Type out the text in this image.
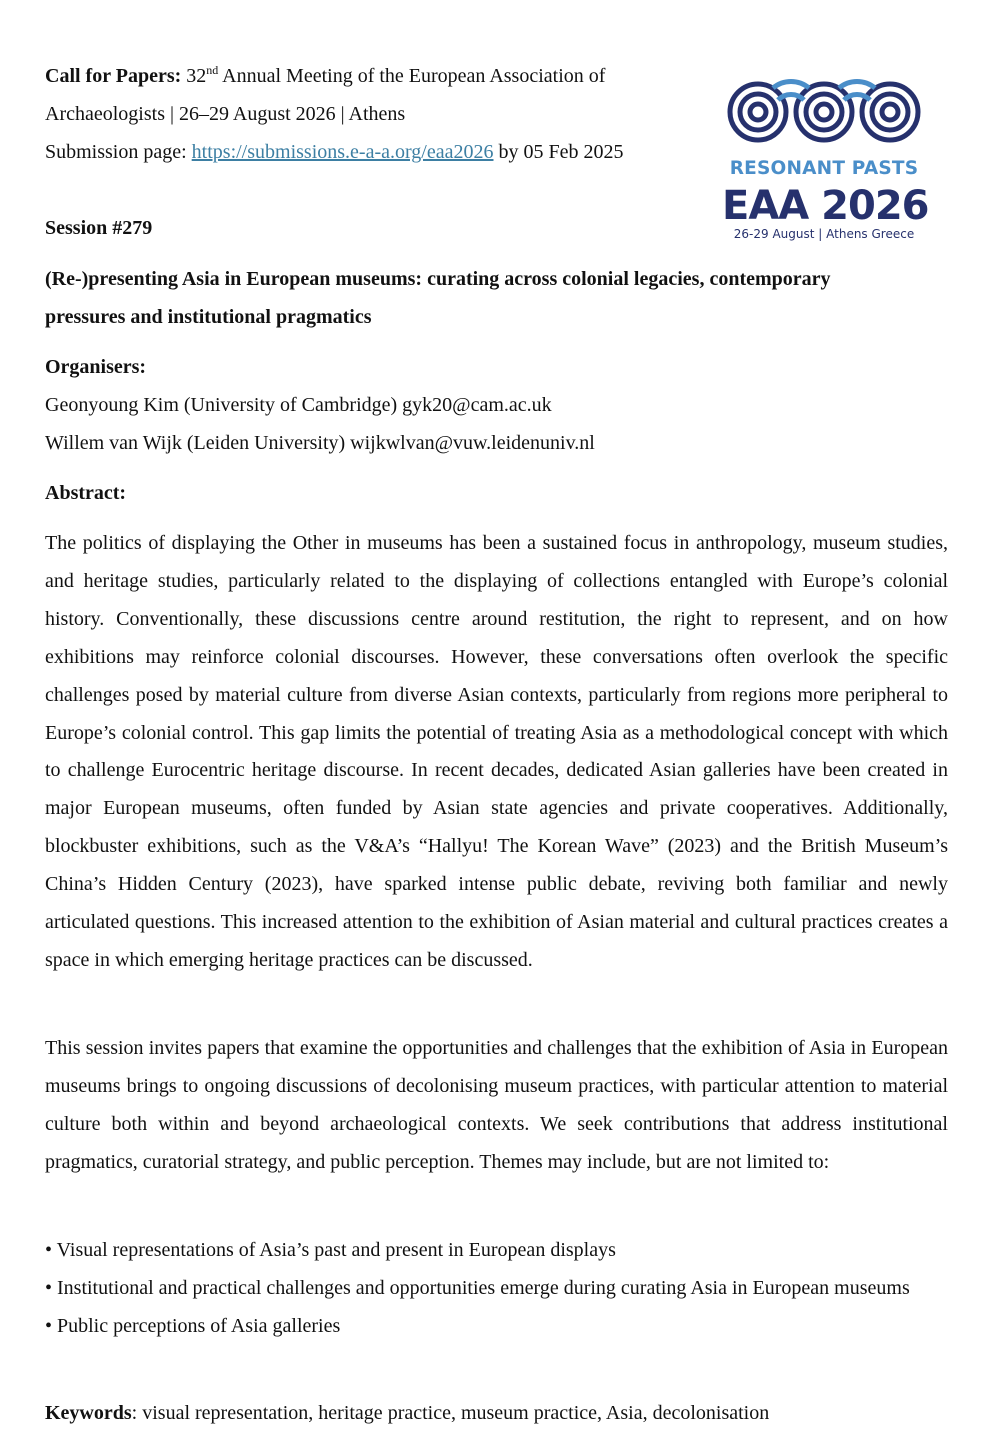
Call for Papers: 32nd Annual Meeting of the European Association of
Archaeologists | 26–29 August 2026 | Athens
Submission page: https://submissions.e-a-a.org/eaa2026 by 05 Feb 2025
RESONANT PASTS
EAA 2026
26-29 August | Athens Greece
Session #279
(Re-)presenting Asia in European museums: curating across colonial legacies, contemporary
pressures and institutional pragmatics
Organisers:
Geonyoung Kim (University of Cambridge) gyk20@cam.ac.uk
Willem van Wijk (Leiden University) wijkwlvan@vuw.leidenuniv.nl
Abstract:

The politics of displaying the Other in museums has been a sustained focus in anthropology, museum studies, and heritage studies, particularly related to the displaying of collections entangled with Europe’s colonial history. Conventionally, these discussions centre around restitution, the right to represent, and on how exhibitions may reinforce colonial discourses. However, these conversations often overlook the specific challenges posed by material culture from diverse Asian contexts, particularly from regions more peripheral to Europe’s colonial control. This gap limits the potential of treating Asia as a methodological concept with which to challenge Eurocentric heritage discourse. In recent decades, dedicated Asian galleries have been created in major European museums, often funded by Asian state agencies and private cooperatives. Additionally, blockbuster exhibitions, such as the V&A’s “Hallyu! The Korean Wave” (2023) and the British Museum’s China’s Hidden Century (2023), have sparked intense public debate, reviving both familiar and newly articulated questions. This increased attention to the exhibition of Asian material and cultural practices creates a space in which emerging heritage practices can be discussed.

This session invites papers that examine the opportunities and challenges that the exhibition of Asia in European museums brings to ongoing discussions of decolonising museum practices, with particular attention to material culture both within and beyond archaeological contexts. We seek contributions that address institutional pragmatics, curatorial strategy, and public perception. Themes may include, but are not limited to:

• Visual representations of Asia’s past and present in European displays

• Institutional and practical challenges and opportunities emerge during curating Asia in European museums

• Public perceptions of Asia galleries

Keywords: visual representation, heritage practice, museum practice, Asia, decolonisation
